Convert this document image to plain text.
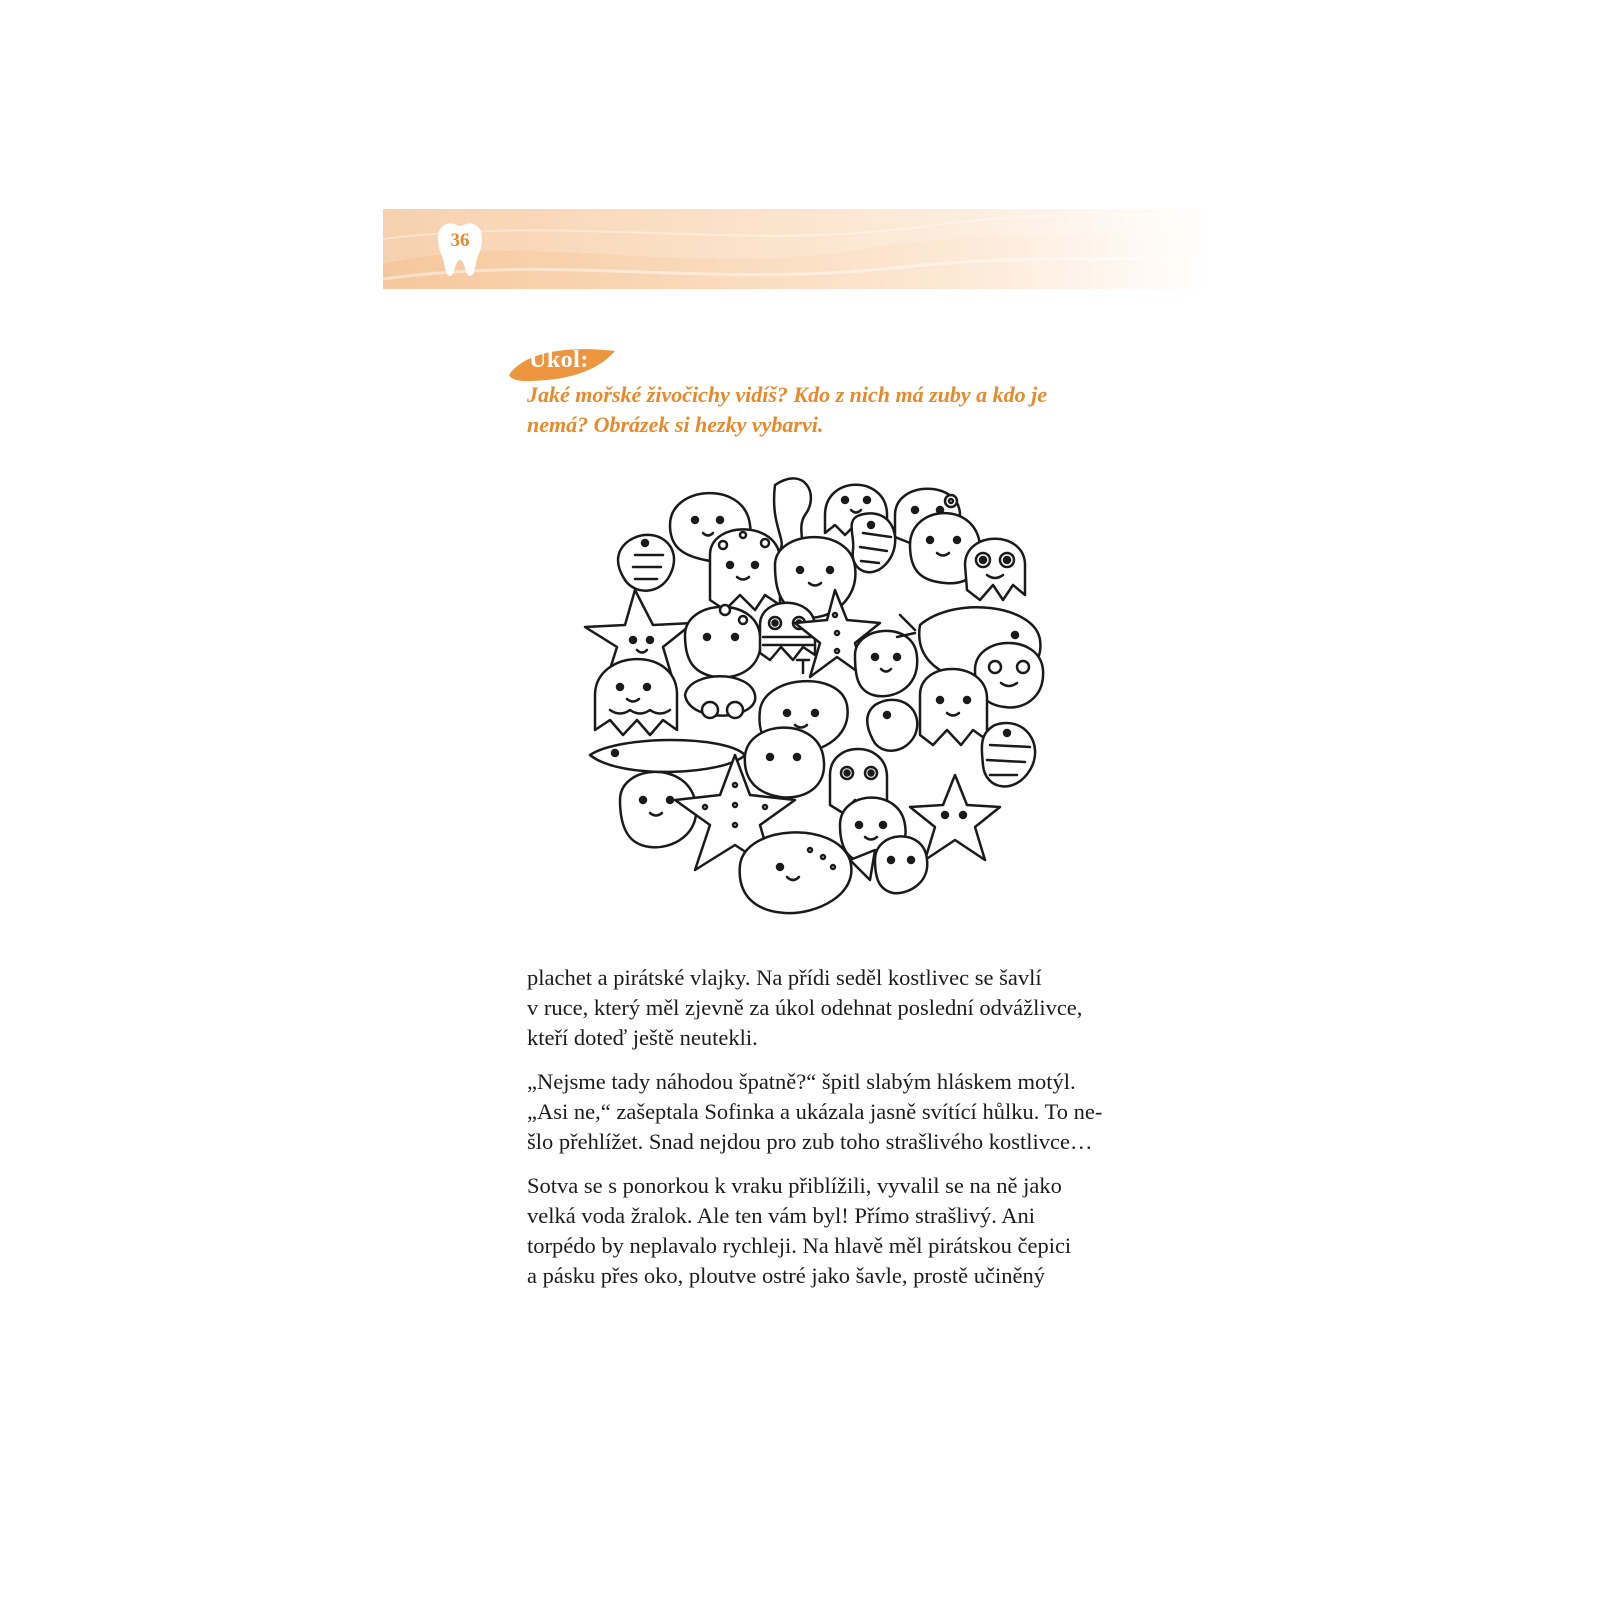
36
Úkol:
Jaké mořské živočichy vidíš? Kdo z nich má zuby a kdo je
nemá? Obrázek si hezky vybarvi.

plachet a pirátské vlajky. Na přídi seděl kostlivec se šavlí
v ruce, který měl zjevně za úkol odehnat poslední odvážlivce,
kteří doteď ještě neutekli.

„Nejsme tady náhodou špatně?“ špitl slabým hláskem motýl.
„Asi ne,“ zašeptala Sofinka a ukázala jasně svítící hůlku. To ne-
šlo přehlížet. Snad nejdou pro zub toho strašlivého kostlivce…

Sotva se s ponorkou k vraku přiblížili, vyvalil se na ně jako
velká voda žralok. Ale ten vám byl! Přímo strašlivý. Ani
torpédo by neplavalo rychleji. Na hlavě měl pirátskou čepici
a pásku přes oko, ploutve ostré jako šavle, prostě učiněný
